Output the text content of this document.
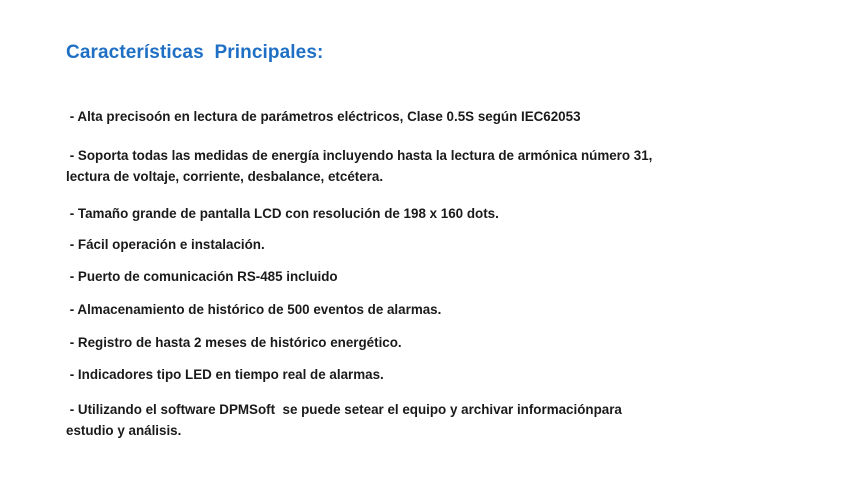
Características  Principales:
- Alta precisoón en lectura de parámetros eléctricos, Clase 0.5S según IEC62053
- Soporta todas las medidas de energía incluyendo hasta la lectura de armónica número 31,
lectura de voltaje, corriente, desbalance, etcétera.
- Tamaño grande de pantalla LCD con resolución de 198 x 160 dots.
- Fácil operación e instalación.
- Puerto de comunicación RS-485 incluido
- Almacenamiento de histórico de 500 eventos de alarmas.
- Registro de hasta 2 meses de histórico energético.
- Indicadores tipo LED en tiempo real de alarmas.
- Utilizando el software DPMSoft  se puede setear el equipo y archivar informaciónpara
estudio y análisis.
